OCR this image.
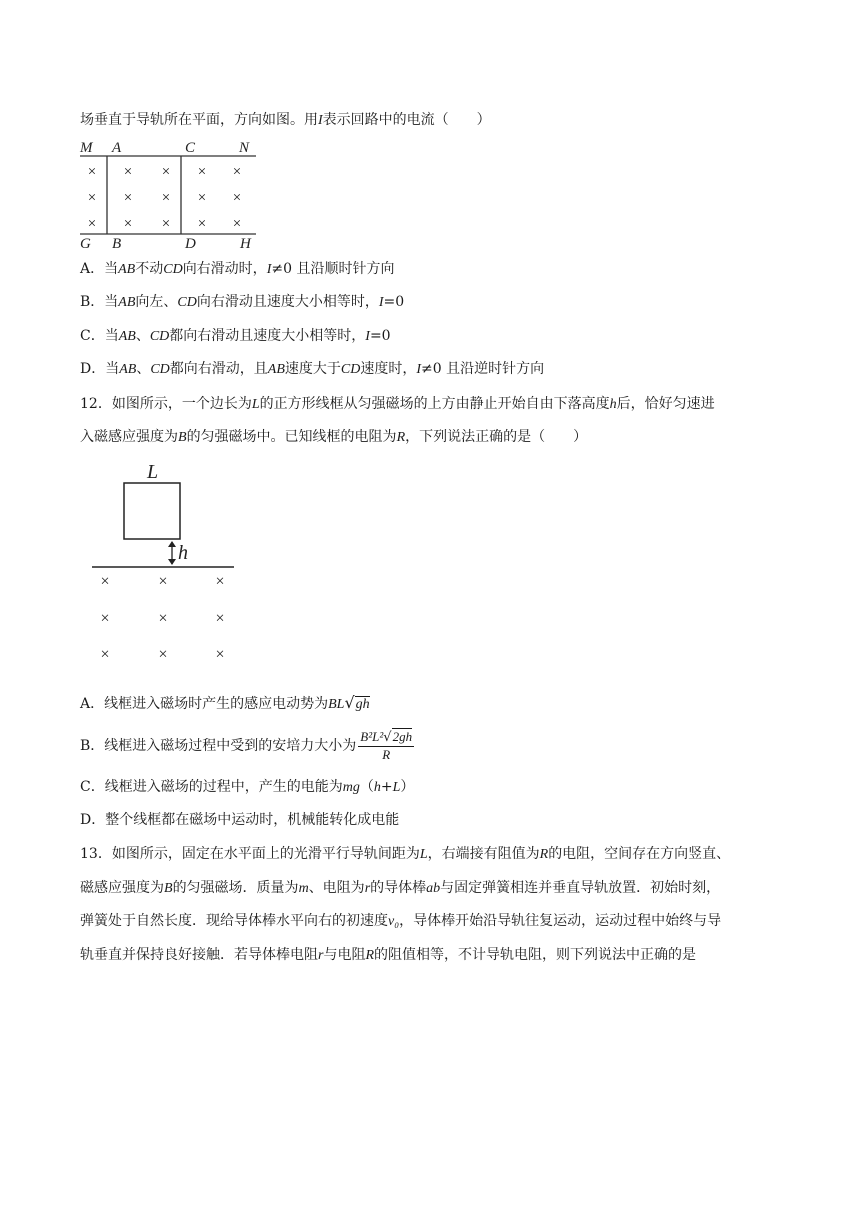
场垂直于导轨所在平面，方向如图。用I表示回路中的电流（　　）
M A	C	N
G B	D	H
× × × × ×
× × × × ×
× × × × ×
A．当AB不动CD向右滑动时，I≠0 且沿顺时针方向
B．当AB向左、CD向右滑动且速度大小相等时，I=0
C．当AB、CD都向右滑动且速度大小相等时，I=0
D．当AB、CD都向右滑动，且AB速度大于CD速度时，I≠0 且沿逆时针方向
12．如图所示，一个边长为L的正方形线框从匀强磁场的上方由静止开始自由下落高度h后，恰好匀速进
入磁感应强度为B的匀强磁场中。已知线框的电阻为R，下列说法正确的是（　　）
L
h
×	×	×
×	×	×
×	×	×
A．线框进入磁场时产生的感应电动势为BL√gh
B．线框进入磁场过程中受到的安培力大小为 $\frac{\text{B²L²√2gh}}{R}$
C．线框进入磁场的过程中，产生的电能为mg（h+L）
D．整个线框都在磁场中运动时，机械能转化成电能
13．如图所示，固定在水平面上的光滑平行导轨间距为L，右端接有阻值为R的电阻，空间存在方向竖直、
磁感应强度为B的匀强磁场．质量为m、电阻为r的导体棒ab与固定弹簧相连并垂直导轨放置．初始时刻，
弹簧处于自然长度．现给导体棒水平向右的初速度v₀，导体棒开始沿导轨往复运动，运动过程中始终与导
轨垂直并保持良好接触．若导体棒电阻r与电阻R的阻值相等，不计导轨电阻，则下列说法中正确的是
